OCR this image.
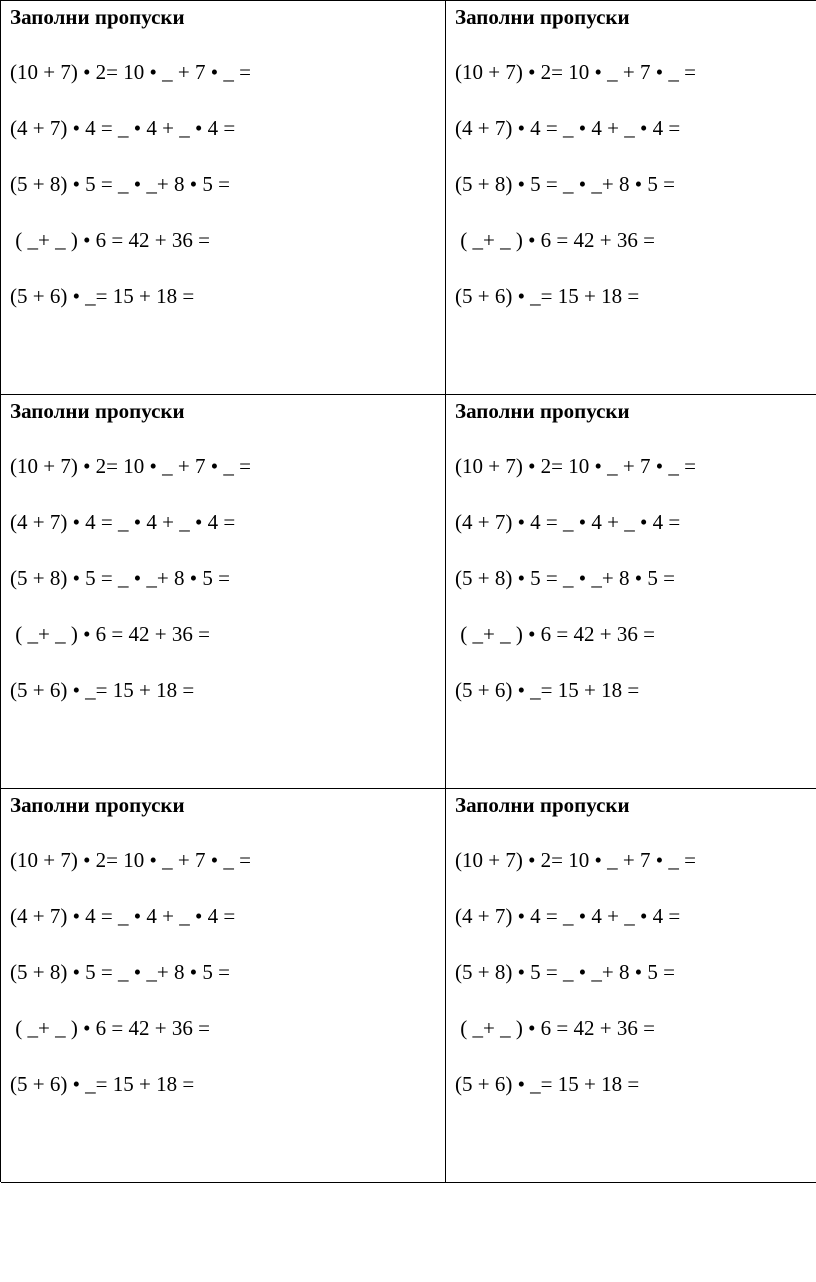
Заполни пропуски
(10 + 7) • 2= 10 • _ + 7 • _ =
(4 + 7) • 4 = _ • 4 + _ • 4 =
(5 + 8) • 5 = _ • _+ 8 • 5 =
( _+ _ ) • 6 = 42 + 36 =
(5 + 6) • _= 15 + 18 =
Заполни пропуски
(10 + 7) • 2= 10 • _ + 7 • _ =
(4 + 7) • 4 = _ • 4 + _ • 4 =
(5 + 8) • 5 = _ • _+ 8 • 5 =
( _+ _ ) • 6 = 42 + 36 =
(5 + 6) • _= 15 + 18 =
Заполни пропуски
(10 + 7) • 2= 10 • _ + 7 • _ =
(4 + 7) • 4 = _ • 4 + _ • 4 =
(5 + 8) • 5 = _ • _+ 8 • 5 =
( _+ _ ) • 6 = 42 + 36 =
(5 + 6) • _= 15 + 18 =
Заполни пропуски
(10 + 7) • 2= 10 • _ + 7 • _ =
(4 + 7) • 4 = _ • 4 + _ • 4 =
(5 + 8) • 5 = _ • _+ 8 • 5 =
( _+ _ ) • 6 = 42 + 36 =
(5 + 6) • _= 15 + 18 =
Заполни пропуски
(10 + 7) • 2= 10 • _ + 7 • _ =
(4 + 7) • 4 = _ • 4 + _ • 4 =
(5 + 8) • 5 = _ • _+ 8 • 5 =
( _+ _ ) • 6 = 42 + 36 =
(5 + 6) • _= 15 + 18 =
Заполни пропуски
(10 + 7) • 2= 10 • _ + 7 • _ =
(4 + 7) • 4 = _ • 4 + _ • 4 =
(5 + 8) • 5 = _ • _+ 8 • 5 =
( _+ _ ) • 6 = 42 + 36 =
(5 + 6) • _= 15 + 18 =
